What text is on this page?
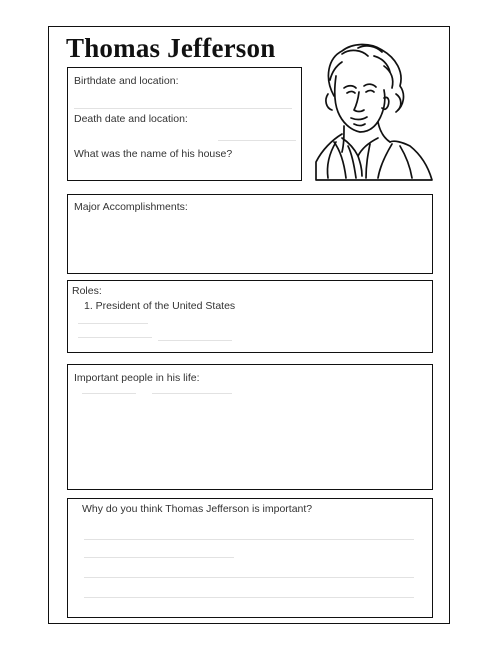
Thomas Jefferson
Birthdate and location:
Death date and location:
What was the name of his house?
Major Accomplishments:
Roles:
1. President of the United States
Important people in his life:
Why do you think Thomas Jefferson is important?
